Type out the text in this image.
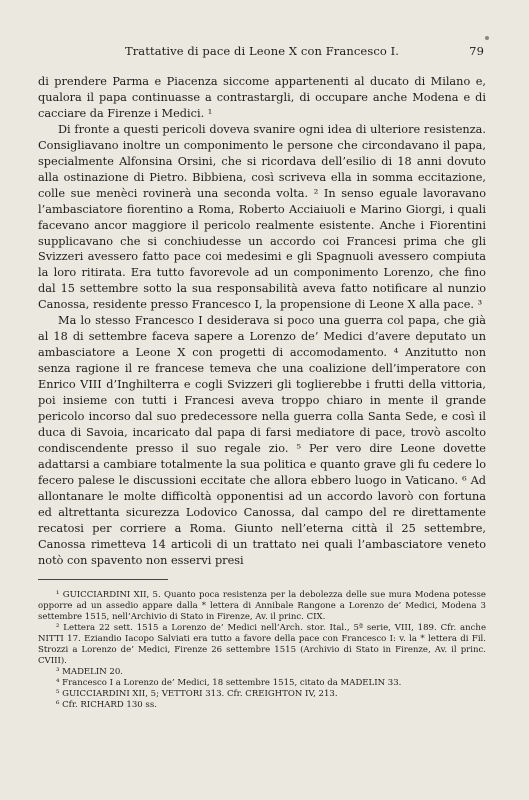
Trattative di pace di Leone X con Francesco I.	79

di prendere Parma e Piacenza siccome appartenenti al ducato di Milano e, qualora il papa continuasse a contrastargli, di occupare anche Modena e di cacciare da Firenze i Medici. ¹

Di fronte a questi pericoli doveva svanire ogni idea di ulteriore resistenza. Consigliavano inoltre un componimento le persone che circondavano il papa, specialmente Alfonsina Orsini, che si ricordava dell’esilio di 18 anni dovuto alla ostinazione di Pietro. Bibbiena, così scriveva ella in somma eccitazione, colle sue menèci rovinerà una seconda volta. ² In senso eguale lavoravano l’ambasciatore fiorentino a Roma, Roberto Acciaiuoli e Marino Giorgi, i quali facevano ancor maggiore il pericolo realmente esistente. Anche i Fiorentini supplicavano che si conchiudesse un accordo coi Francesi prima che gli Svizzeri avessero fatto pace coi medesimi e gli Spagnuoli avessero compiuta la loro ritirata. Era tutto favorevole ad un componimento Lorenzo, che fino dal 15 settembre sotto la sua responsabilità aveva fatto notificare al nunzio Canossa, residente presso Francesco I, la propensione di Leone X alla pace. ³

Ma lo stesso Francesco I desiderava si poco una guerra col papa, che già al 18 di settembre faceva sapere a Lorenzo de’ Medici d’avere deputato un ambasciatore a Leone X con progetti di accomodamento. ⁴ Anzitutto non senza ragione il re francese temeva che una coalizione dell’imperatore con Enrico VIII d’Inghilterra e cogli Svizzeri gli toglierebbe i frutti della vittoria, poi insieme con tutti i Francesi aveva troppo chiaro in mente il grande pericolo incorso dal suo predecessore nella guerra colla Santa Sede, e così il duca di Savoia, incaricato dal papa di farsi mediatore di pace, trovò ascolto condiscendente presso il suo regale zio. ⁵ Per vero dire Leone dovette adattarsi a cambiare totalmente la sua politica e quanto grave gli fu cedere lo fecero palese le discussioni eccitate che allora ebbero luogo in Vaticano. ⁶ Ad allontanare le molte difficoltà opponentisi ad un accordo lavorò con fortuna ed altrettanta sicurezza Lodovico Canossa, dal campo del re direttamente recatosi per corriere a Roma. Giunto nell’eterna città il 25 settembre, Canossa rimetteva 14 articoli di un trattato nei quali l’ambasciatore veneto notò con spavento non esservi presi

¹ GUICCIARDINI XII, 5. Quanto poca resistenza per la debolezza delle sue mura Modena potesse opporre ad un assedio appare dalla * lettera di Annibale Rangone a Lorenzo de’ Medici, Modena 3 settembre 1515, nell’Archivio di Stato in Firenze, Av. il princ. CIX.

² Lettera 22 sett. 1515 a Lorenzo de’ Medici nell’Arch. stor. Ital., 5ª serie, VIII, 189. Cfr. anche NITTI 17. Eziandio Iacopo Salviati era tutto a favore della pace con Francesco I: v. la * lettera di Fil. Strozzi a Lorenzo de’ Medici, Firenze 26 settembre 1515 (Archivio di Stato in Firenze, Av. il princ. CVIII).

³ MADELIN 20.

⁴ Francesco I a Lorenzo de’ Medici, 18 settembre 1515, citato da MADELIN 33.

⁵ GUICCIARDINI XII, 5; VETTORI 313. Cfr. CREIGHTON IV, 213.

⁶ Cfr. RICHARD 130 ss.
